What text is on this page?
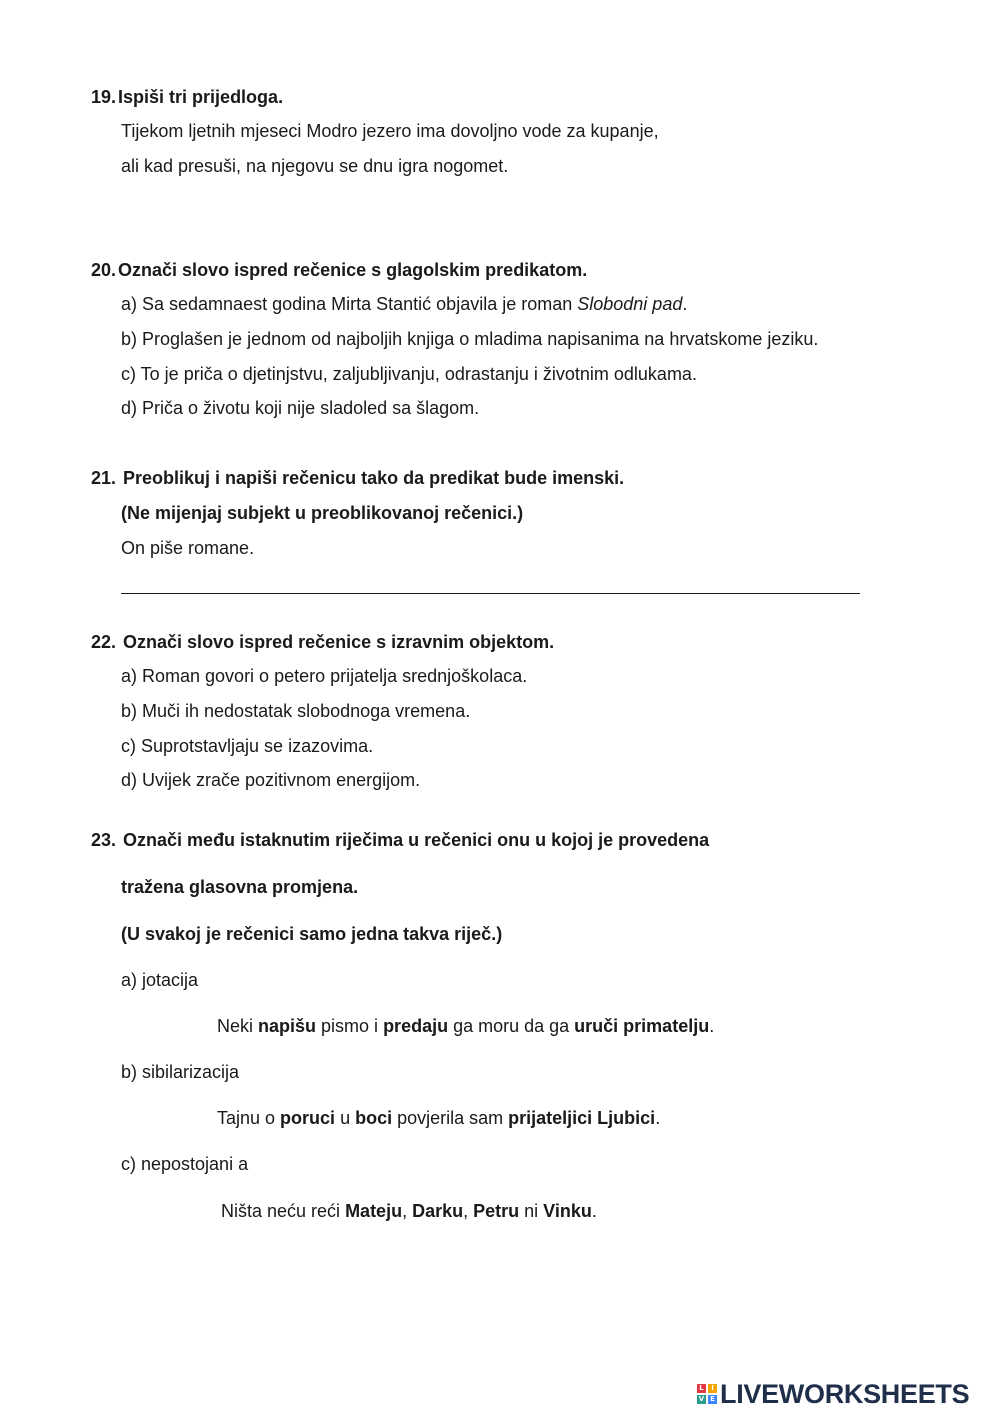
19. Ispiši tri prijedloga.
Tijekom ljetnih mjeseci Modro jezero ima dovoljno vode za kupanje,
ali kad presuši, na njegovu se dnu igra nogomet.
20. Označi slovo ispred rečenice s glagolskim predikatom.
a) Sa sedamnaest godina Mirta Stantić objavila je roman Slobodni pad.
b) Proglašen je jednom od najboljih knjiga o mladima napisanima na hrvatskome jeziku.
c) To je priča o djetinjstvu, zaljubljivanju, odrastanju i životnim odlukama.
d) Priča o životu koji nije sladoled sa šlagom.
21. Preoblikuj i napiši rečenicu tako da predikat bude imenski.
(Ne mijenjaj subjekt u preoblikovanoj rečenici.)
On piše romane.
22. Označi slovo ispred rečenice s izravnim objektom.
a) Roman govori o petero prijatelja srednjoškolaca.
b) Muči ih nedostatak slobodnoga vremena.
c) Suprotstavljaju se izazovima.
d) Uvijek zrače pozitivnom energijom.
23. Označi među istaknutim riječima u rečenici onu u kojoj je provedena
tražena glasovna promjena.
(U svakoj je rečenici samo jedna takva riječ.)
a) jotacija
Neki napišu pismo i predaju ga moru da ga uruči primatelju.
b) sibilarizacija
Tajnu o poruci u boci povjerila sam prijateljici Ljubici.
c) nepostojani a
Ništa neću reći Mateju, Darku, Petru ni Vinku.
L	I
V E LIVEWORKSHEETS
